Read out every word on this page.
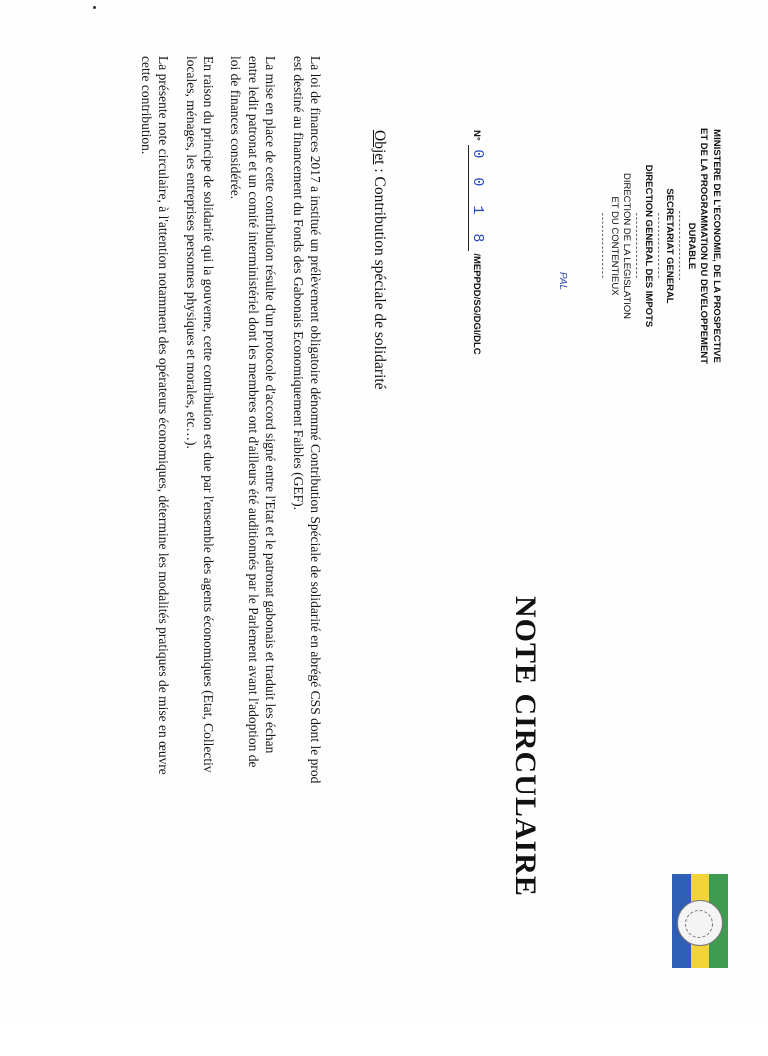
MINISTERE DE L'ECONOMIE, DE LA PROSPECTIVE
ET DE LA PROGRAMMATION DU DEVELOPPEMENT
DURABLE
-----------------
SECRETARIAT GENERAL
----------------
DIRECTION GENERAL DES IMPOTS
----------------
DIRECTION DE LA LEGISLATION
ET DU CONTENTIEUX
----------------
PAL
N° 0 0 1 8/MEPPDD/SG/DGI/DLC
NOTE CIRCULAIRE
Objet : Contribution spéciale de solidarité

La loi de finances 2017 a institué un prélèvement obligatoire dénommé Contribution Spéciale de solidarité en abrégé CSS dont le prod
est destiné au financement du Fonds des Gabonais Economiquement Faibles (GEF).

La mise en place de cette contribution résulte d'un protocole d'accord signé entre l'Etat et le patronat gabonais et traduit les échan
entre ledit patronat et un comité interministériel dont les membres ont d'ailleurs été auditionnés par le Parlement avant l'adoption de
loi de finances considérée.

En raison du principe de solidarité qui la gouverne, cette contribution est due par l'ensemble des agents économiques (Etat, Collectiv
locales, ménages, les entreprises personnes physiques et morales, etc…).

La présente note circulaire, à l'attention notamment des opérateurs économiques, détermine les modalités pratiques de mise en œuvre
cette contribution.
